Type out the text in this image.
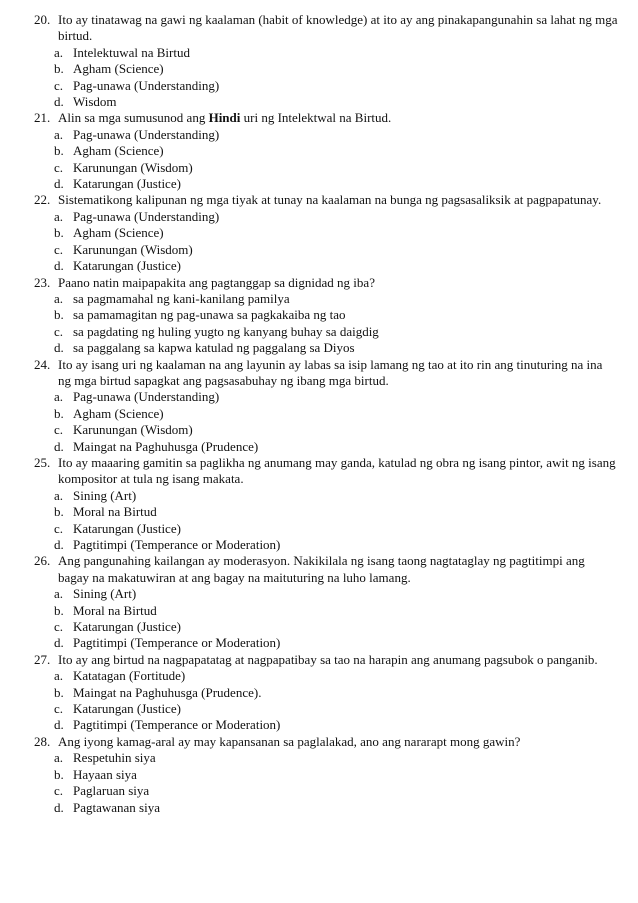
20. Ito ay tinatawag na gawi ng kaalaman (habit of knowledge) at ito ay ang pinakapangunahin sa lahat ng mga birtud.
a. Intelektuwal na Birtud
b. Agham (Science)
c. Pag-unawa (Understanding)
d. Wisdom
21. Alin sa mga sumusunod ang Hindi uri ng Intelektwal na Birtud.
a. Pag-unawa (Understanding)
b. Agham (Science)
c. Karunungan (Wisdom)
d. Katarungan (Justice)
22. Sistematikong kalipunan ng mga tiyak at tunay na kaalaman na bunga ng pagsasaliksik at pagpapatunay.
a. Pag-unawa (Understanding)
b. Agham (Science)
c. Karunungan (Wisdom)
d. Katarungan (Justice)
23. Paano natin maipapakita ang pagtanggap sa dignidad ng iba?
a. sa pagmamahal ng kani-kanilang pamilya
b. sa pamamagitan ng pag-unawa sa pagkakaiba ng tao
c. sa pagdating ng huling yugto ng kanyang buhay sa daigdig
d. sa paggalang sa kapwa katulad ng paggalang sa Diyos
24. Ito ay isang uri ng kaalaman na ang layunin ay labas sa isip lamang ng tao at ito rin ang tinuturing na ina ng mga birtud sapagkat ang pagsasabuhay ng ibang mga birtud.
a. Pag-unawa (Understanding)
b. Agham (Science)
c. Karunungan (Wisdom)
d. Maingat na Paghuhusga (Prudence)
25. Ito ay maaaring gamitin sa paglikha ng anumang may ganda, katulad ng obra ng isang pintor, awit ng isang kompositor at tula ng isang makata.
a. Sining (Art)
b. Moral na Birtud
c. Katarungan (Justice)
d. Pagtitimpi (Temperance or Moderation)
26. Ang pangunahing kailangan ay moderasyon. Nakikilala ng isang taong nagtataglay ng pagtitimpi ang bagay na makatuwiran at ang bagay na maituturing na luho lamang.
a. Sining (Art)
b. Moral na Birtud
c. Katarungan (Justice)
d. Pagtitimpi (Temperance or Moderation)
27. Ito ay ang birtud na nagpapatatag at nagpapatibay sa tao na harapin ang anumang pagsubok o panganib.
a. Katatagan (Fortitude)
b. Maingat na Paghuhusga (Prudence).
c. Katarungan (Justice)
d. Pagtitimpi (Temperance or Moderation)
28. Ang iyong kamag-aral ay may kapansanan sa paglalakad, ano ang nararapt mong gawin?
a. Respetuhin siya
b. Hayaan siya
c. Paglaruan siya
d. Pagtawanan siya
